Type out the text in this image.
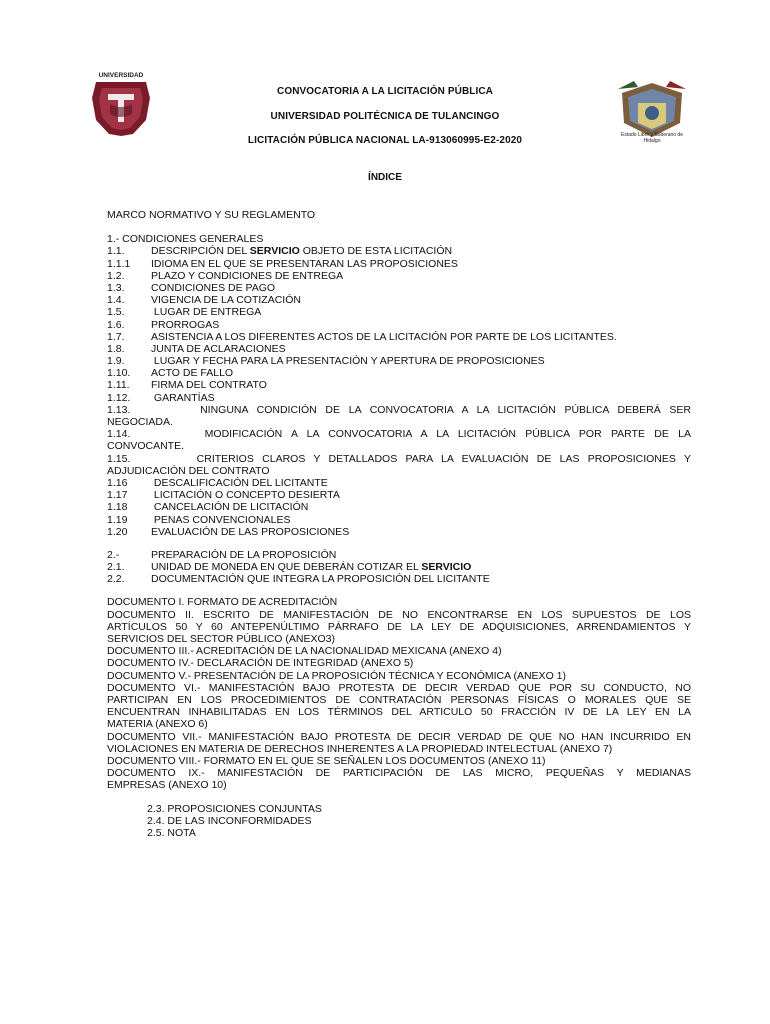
UNIVERSIDAD
Estado Libre y Soberano de Hidalgo
CONVOCATORIA A LA LICITACIÓN PÚBLICA
UNIVERSIDAD POLITÉCNICA DE TULANCINGO
LICITACIÓN PÚBLICA NACIONAL LA-913060995-E2-2020
ÍNDICE
MARCO NORMATIVO Y SU REGLAMENTO
1.- CONDICIONES GENERALES
1.1.	DESCRIPCIÓN DEL SERVICIO OBJETO DE ESTA LICITACIÓN
1.1.1 IDIOMA EN EL QUE SE PRESENTARAN LAS PROPOSICIONES
1.2.	PLAZO Y CONDICIONES DE ENTREGA
1.3.	CONDICIONES DE PAGO
1.4.	VIGENCIA DE LA COTIZACIÓN
1.5.	LUGAR DE ENTREGA
1.6.	PRORROGAS
1.7.	ASISTENCIA A LOS DIFERENTES ACTOS DE LA LICITACIÓN POR PARTE DE LOS LICITANTES.
1.8.	JUNTA DE ACLARACIONES
1.9.	LUGAR Y FECHA PARA LA PRESENTACIÓN Y APERTURA DE PROPOSICIONES
1.10. ACTO DE FALLO
1.11. FIRMA DEL CONTRATO
1.12. GARANTÍAS
1.13.        NINGUNA CONDICIÓN DE LA CONVOCATORIA A LA LICITACIÓN PÚBLICA DEBERÁ SER
NEGOCIADA.
1.14.        MODIFICACIÓN A LA CONVOCATORIA A LA LICITACIÓN PÚBLICA POR PARTE DE LA
CONVOCANTE.
1.15.        CRITERIOS CLAROS Y DETALLADOS PARA LA EVALUACIÓN DE LAS PROPOSICIONES Y
ADJUDICACIÓN DEL CONTRATO
1.16 DESCALIFICACIÓN DEL LICITANTE
1.17 LICITACIÓN O CONCEPTO DESIERTA
1.18 CANCELACIÓN DE LICITACIÓN
1.19 PENAS CONVENCIONALES
1.20 EVALUACIÓN DE LAS PROPOSICIONES
2.-	PREPARACIÓN DE LA PROPOSICIÓN
2.1.	UNIDAD DE MONEDA EN QUE DEBERÁN COTIZAR EL SERVICIO
2.2.	DOCUMENTACIÓN QUE INTEGRA LA PROPOSICIÓN DEL LICITANTE
DOCUMENTO I. FORMATO DE ACREDITACIÓN
DOCUMENTO II. ESCRITO DE MANIFESTACIÓN DE NO ENCONTRARSE EN LOS SUPUESTOS DE LOS
ARTÍCULOS 50 Y 60 ANTEPENÚLTIMO PÁRRAFO DE LA LEY DE ADQUISICIONES, ARRENDAMIENTOS Y
SERVICIOS DEL SECTOR PÚBLICO (ANEXO3)
DOCUMENTO III.- ACREDITACIÓN DE LA NACIONALIDAD MEXICANA (ANEXO 4)
DOCUMENTO IV.- DECLARACIÓN DE INTEGRIDAD (ANEXO 5)
DOCUMENTO V.- PRESENTACIÓN DE LA PROPOSICIÓN TÉCNICA Y ECONÓMICA (ANEXO 1)
DOCUMENTO VI.- MANIFESTACIÓN BAJO PROTESTA DE DECIR VERDAD QUE POR SU CONDUCTO, NO
PARTICIPAN EN LOS PROCEDIMIENTOS DE CONTRATACIÓN PERSONAS FÍSICAS O MORALES QUE SE
ENCUENTRAN INHABILITADAS EN LOS TÉRMINOS DEL ARTICULO 50 FRACCIÓN IV DE LA LEY EN LA
MATERIA (ANEXO 6)
DOCUMENTO VII.- MANIFESTACIÓN BAJO PROTESTA DE DECIR VERDAD DE QUE NO HAN INCURRIDO EN
VIOLACIONES EN MATERIA DE DERECHOS INHERENTES A LA PROPIEDAD INTELECTUAL (ANEXO 7)
DOCUMENTO VIII.- FORMATO EN EL QUE SE SEÑALEN LOS DOCUMENTOS (ANEXO 11)
DOCUMENTO IX.- MANIFESTACIÓN DE PARTICIPACIÓN DE LAS MICRO, PEQUEÑAS Y MEDIANAS
EMPRESAS (ANEXO 10)
2.3. PROPOSICIONES CONJUNTAS
2.4. DE LAS INCONFORMIDADES
2.5. NOTA
